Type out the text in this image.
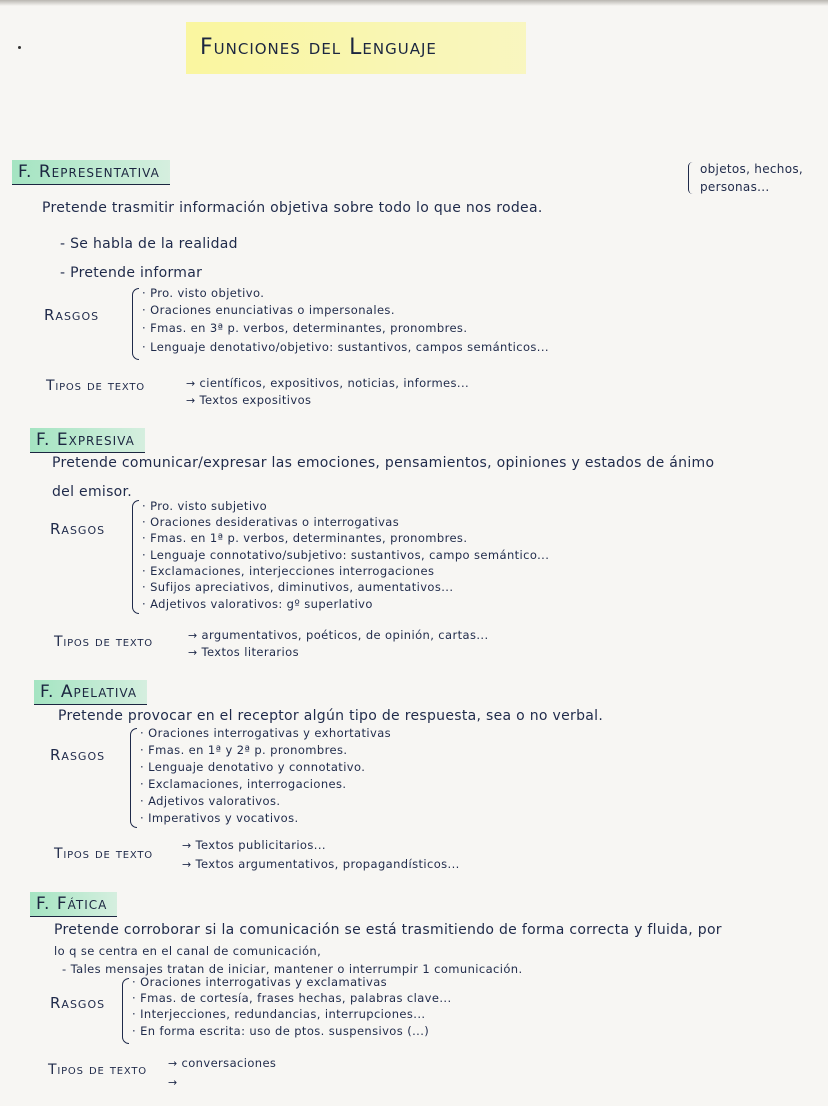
Funciones del Lenguaje
F. Representativa
Pretende trasmitir información objetiva sobre todo lo que nos rodea.
objetos, hechos,
personas...
- Se habla de la realidad
- Pretende informar
Rasgos
· Pro. visto objetivo.
· Oraciones enunciativas o impersonales.
· Fmas. en 3ª p. verbos, determinantes, pronombres.
· Lenguaje denotativo/objetivo: sustantivos, campos semánticos...
Tipos de texto	→ científicos, expositivos, noticias, informes...
→ Textos expositivos
F. Expresiva
Pretende comunicar/expresar las emociones, pensamientos, opiniones y estados de ánimo
del emisor.
Rasgos
· Pro. visto subjetivo
· Oraciones desiderativas o interrogativas
· Fmas. en 1ª p. verbos, determinantes, pronombres.
· Lenguaje connotativo/subjetivo: sustantivos, campo semántico...
· Exclamaciones, interjecciones interrogaciones
· Sufijos apreciativos, diminutivos, aumentativos...
· Adjetivos valorativos: gº superlativo
Tipos de texto	→ argumentativos, poéticos, de opinión, cartas...
→ Textos literarios
F. Apelativa
Pretende provocar en el receptor algún tipo de respuesta, sea o no verbal.
Rasgos
· Oraciones interrogativas y exhortativas
· Fmas. en 1ª y 2ª p. pronombres.
· Lenguaje denotativo y connotativo.
· Exclamaciones, interrogaciones.
· Adjetivos valorativos.
· Imperativos y vocativos.
Tipos de texto
→ Textos publicitarios...
→ Textos argumentativos, propagandísticos...
F. Fática
Pretende corroborar si la comunicación se está trasmitiendo de forma correcta y fluida, por
lo q se centra en el canal de comunicación,
- Tales mensajes tratan de iniciar, mantener o interrumpir 1 comunicación.
Rasgos
· Oraciones interrogativas y exclamativas
· Fmas. de cortesía, frases hechas, palabras clave...
· Interjecciones, redundancias, interrupciones...
· En forma escrita: uso de ptos. suspensivos (...)
Tipos de texto → conversaciones
→
